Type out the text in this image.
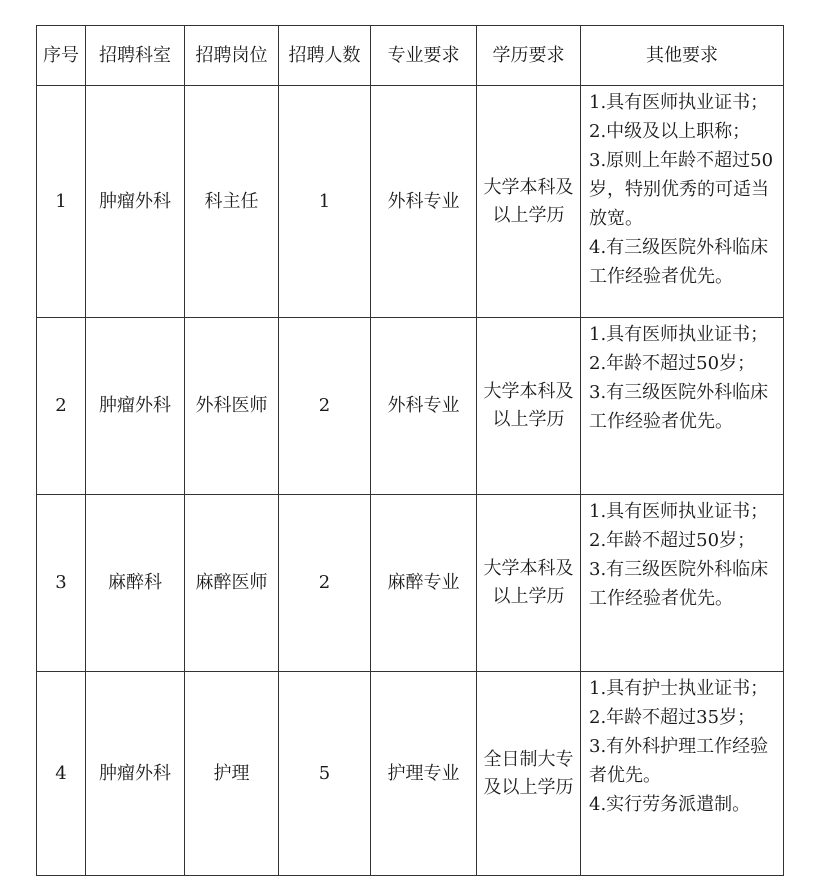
序号	招聘科室	招聘岗位	招聘人数	专业要求	学历要求	其他要求
1	肿瘤外科	科主任	1	外科专业	大学本科及以上学历	1.具有医师执业证书；
2.中级及以上职称；
3.原则上年龄不超过50岁，特别优秀的可适当放宽。
4.有三级医院外科临床工作经验者优先。

2	肿瘤外科	外科医师	2	外科专业	大学本科及以上学历	1.具有医师执业证书；
2.年龄不超过50岁；
3.有三级医院外科临床工作经验者优先。

3	麻醉科	麻醉医师	2	麻醉专业	大学本科及以上学历	1.具有医师执业证书；
2.年龄不超过50岁；
3.有三级医院外科临床工作经验者优先。

4	肿瘤外科	护理	5	护理专业	全日制大专及以上学历	1.具有护士执业证书；
2.年龄不超过35岁；
3.有外科护理工作经验者优先。
4.实行劳务派遣制。
